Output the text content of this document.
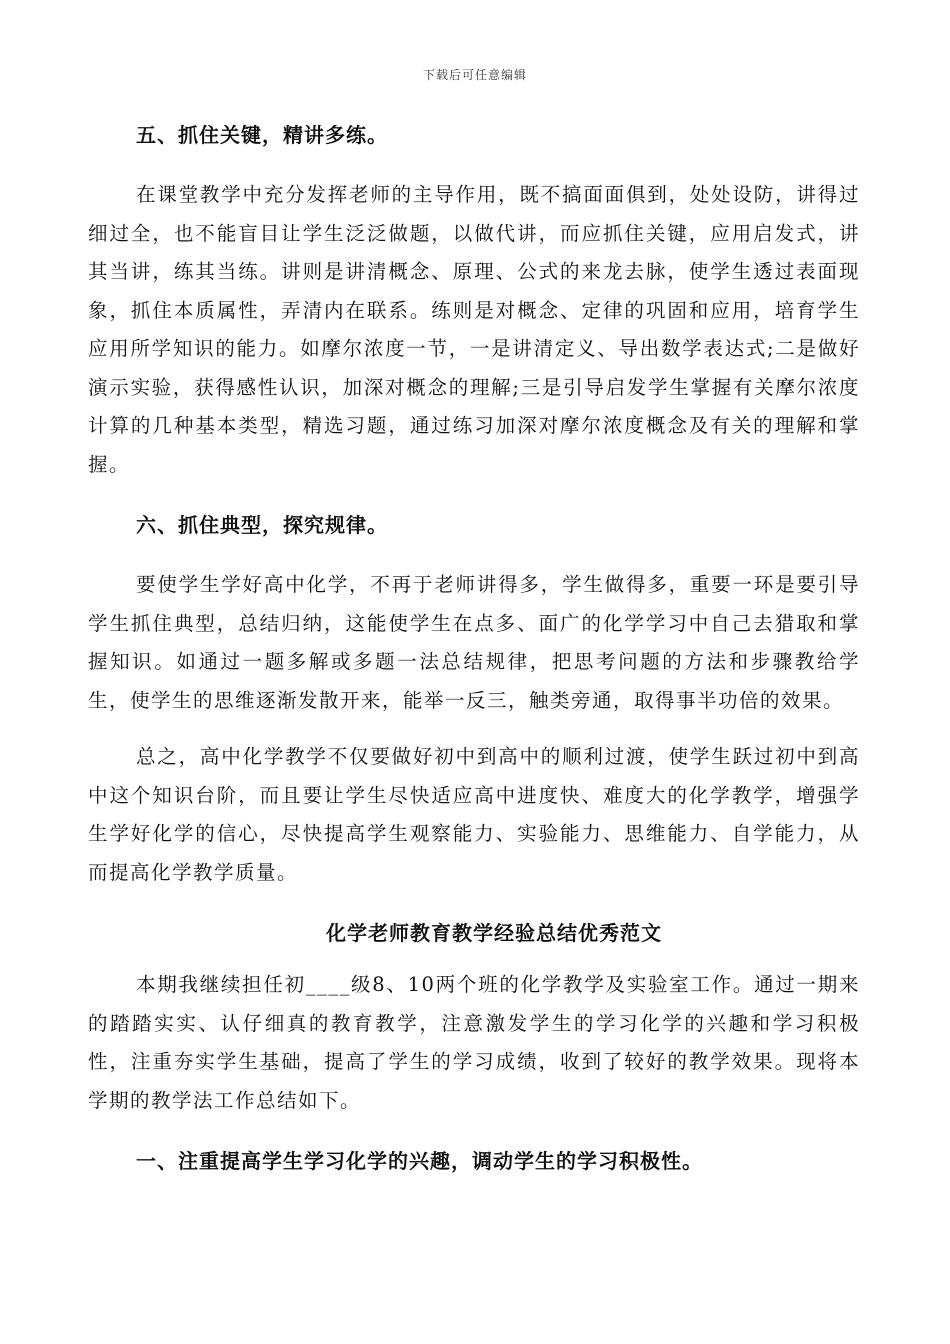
下载后可任意编辑
五、抓住关键，精讲多练。

在课堂教学中充分发挥老师的主导作用，既不搞面面俱到，处处设防，讲得过细过全，也不能盲目让学生泛泛做题，以做代讲，而应抓住关键，应用启发式，讲其当讲，练其当练。讲则是讲清概念、原理、公式的来龙去脉，使学生透过表面现象，抓住本质属性，弄清内在联系。练则是对概念、定律的巩固和应用，培育学生应用所学知识的能力。如摩尔浓度一节，一是讲清定义、导出数学表达式;二是做好演示实验，获得感性认识，加深对概念的理解;三是引导启发学生掌握有关摩尔浓度计算的几种基本类型，精选习题，通过练习加深对摩尔浓度概念及有关的理解和掌握。

六、抓住典型，探究规律。

要使学生学好高中化学，不再于老师讲得多，学生做得多，重要一环是要引导学生抓住典型，总结归纳，这能使学生在点多、面广的化学学习中自己去猎取和掌握知识。如通过一题多解或多题一法总结规律，把思考问题的方法和步骤教给学生，使学生的思维逐渐发散开来，能举一反三，触类旁通，取得事半功倍的效果。

总之，高中化学教学不仅要做好初中到高中的顺利过渡，使学生跃过初中到高中这个知识台阶，而且要让学生尽快适应高中进度快、难度大的化学教学，增强学生学好化学的信心，尽快提高学生观察能力、实验能力、思维能力、自学能力，从而提高化学教学质量。

化学老师教育教学经验总结优秀范文

本期我继续担任初____级8、10两个班的化学教学及实验室工作。通过一期来的踏踏实实、认仔细真的教育教学，注意激发学生的学习化学的兴趣和学习积极性，注重夯实学生基础，提高了学生的学习成绩，收到了较好的教学效果。现将本学期的教学法工作总结如下。

一、注重提高学生学习化学的兴趣，调动学生的学习积极性。
